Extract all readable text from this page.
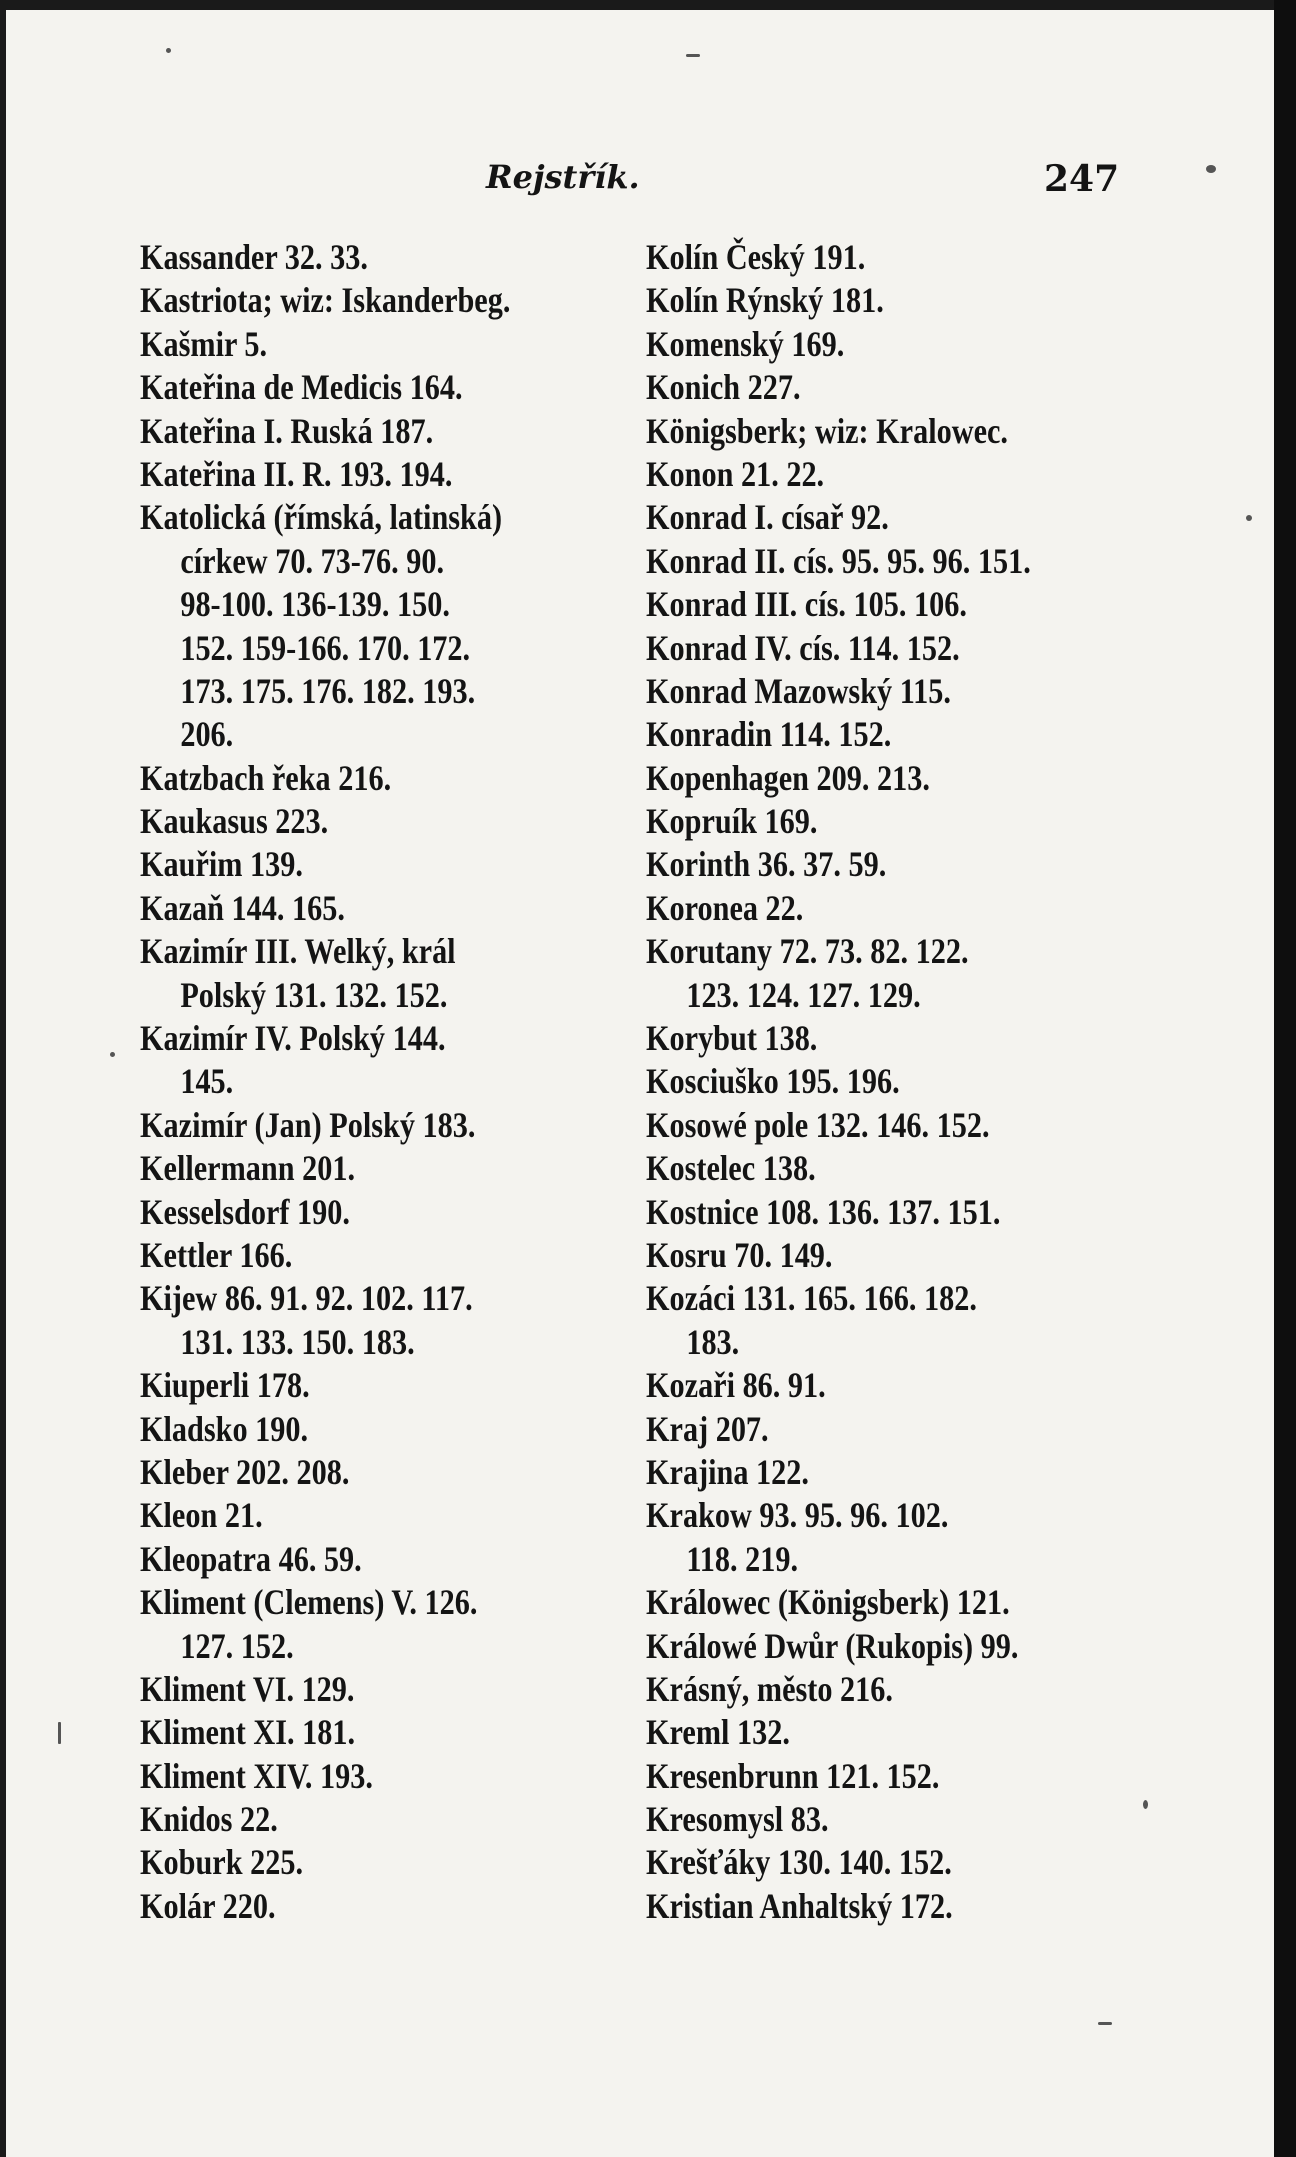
Rejstřík.	247
Kassander 32. 33.
Kastriota; wiz: Iskanderbeg.
Kašmir 5.
Kateřina de Medicis 164.
Kateřina I. Ruská 187.
Kateřina II. R. 193. 194.
Katolická (římská, latinská)
církew 70. 73-76. 90.
98-100. 136-139. 150.
152. 159-166. 170. 172.
173. 175. 176. 182. 193.
206.
Katzbach řeka 216.
Kaukasus 223.
Kauřim 139.
Kazaň 144. 165.
Kazimír III. Welký, král
Polský 131. 132. 152.
Kazimír IV. Polský 144.
145.
Kazimír (Jan) Polský 183.
Kellermann 201.
Kesselsdorf 190.
Kettler 166.
Kijew 86. 91. 92. 102. 117.
131. 133. 150. 183.
Kiuperli 178.
Kladsko 190.
Kleber 202. 208.
Kleon 21.
Kleopatra 46. 59.
Kliment (Clemens) V. 126.
127. 152.
Kliment VI. 129.
Kliment XI. 181.
Kliment XIV. 193.
Knidos 22.
Koburk 225.
Kolár 220.
Kolín Český 191.
Kolín Rýnský 181.
Komenský 169.
Konich 227.
Königsberk; wiz: Kralowec.
Konon 21. 22.
Konrad I. císař 92.
Konrad II. cís. 95. 95. 96. 151.
Konrad III. cís. 105. 106.
Konrad IV. cís. 114. 152.
Konrad Mazowský 115.
Konradin 114. 152.
Kopenhagen 209. 213.
Kopruík 169.
Korinth 36. 37. 59.
Koronea 22.
Korutany 72. 73. 82. 122.
123. 124. 127. 129.
Korybut 138.
Kosciuško 195. 196.
Kosowé pole 132. 146. 152.
Kostelec 138.
Kostnice 108. 136. 137. 151.
Kosru 70. 149.
Kozáci 131. 165. 166. 182.
183.
Kozaři 86. 91.
Kraj 207.
Krajina 122.
Krakow 93. 95. 96. 102.
118. 219.
Králowec (Königsberk) 121.
Králowé Dwůr (Rukopis) 99.
Krásný, město 216.
Kreml 132.
Kresenbrunn 121. 152.
Kresomysl 83.
Krešťáky 130. 140. 152.
Kristian Anhaltský 172.
